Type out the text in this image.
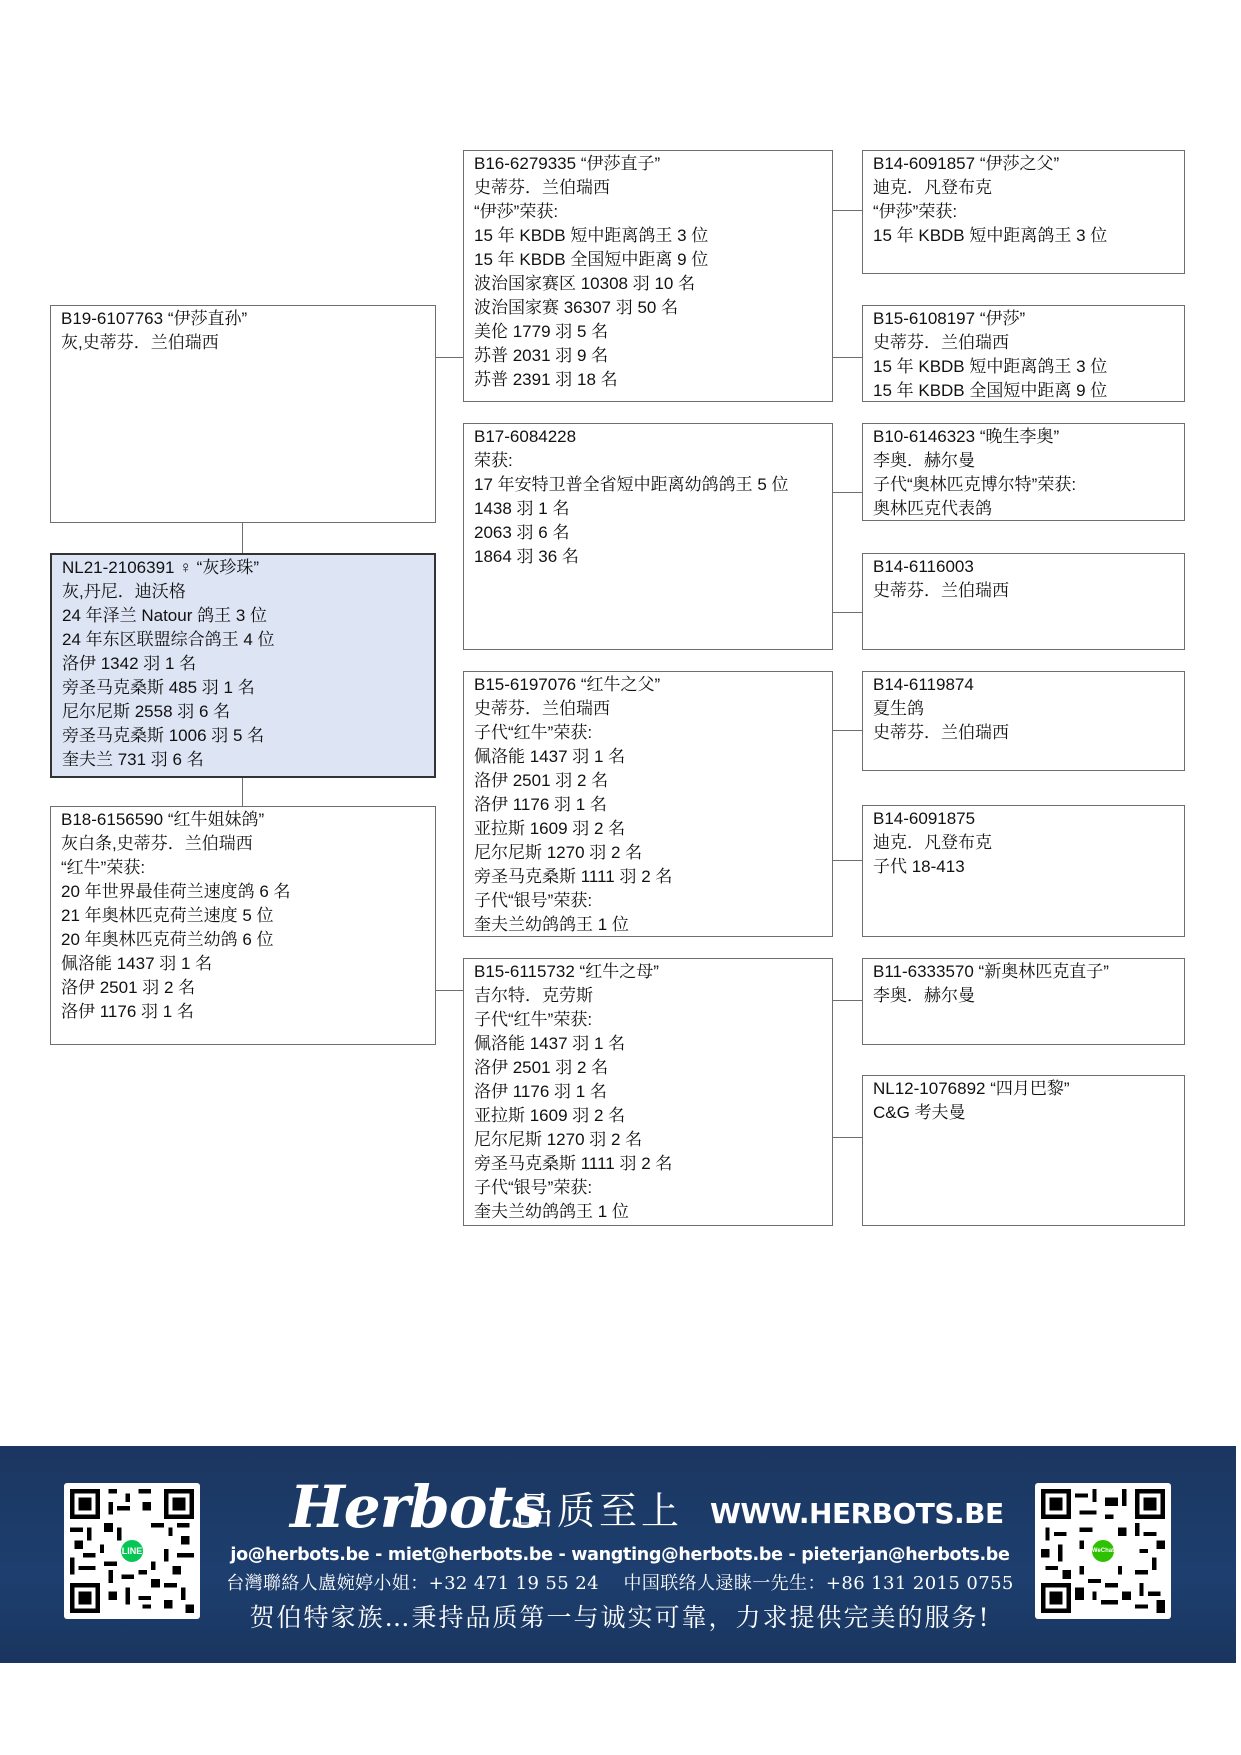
B19-6107763 “伊莎直孙”
灰,史蒂芬．兰伯瑞西
NL21-2106391 ♀ “灰珍珠”
灰,丹尼．迪沃格
24 年泽兰 Natour 鸽王 3 位
24 年东区联盟综合鸽王 4 位
洛伊 1342 羽 1 名
旁圣马克桑斯 485 羽 1 名
尼尔尼斯 2558 羽 6 名
旁圣马克桑斯 1006 羽 5 名
奎夫兰 731 羽 6 名
B18-6156590 “红牛姐妹鸽”
灰白条,史蒂芬．兰伯瑞西
“红牛”荣获:
20 年世界最佳荷兰速度鸽 6 名
21 年奥林匹克荷兰速度 5 位
20 年奥林匹克荷兰幼鸽 6 位
佩洛能 1437 羽 1 名
洛伊 2501 羽 2 名
洛伊 1176 羽 1 名
B16-6279335 “伊莎直子”
史蒂芬．兰伯瑞西
“伊莎”荣获:
15 年 KBDB 短中距离鸽王 3 位
15 年 KBDB 全国短中距离 9 位
波治国家赛区 10308 羽 10 名
波治国家赛 36307 羽 50 名
美伦 1779 羽 5 名
苏普 2031 羽 9 名
苏普 2391 羽 18 名
B17-6084228
荣获:
17 年安特卫普全省短中距离幼鸽鸽王 5 位
1438 羽 1 名
2063 羽 6 名
1864 羽 36 名
B15-6197076 “红牛之父”
史蒂芬．兰伯瑞西
子代“红牛”荣获:
佩洛能 1437 羽 1 名
洛伊 2501 羽 2 名
洛伊 1176 羽 1 名
亚拉斯 1609 羽 2 名
尼尔尼斯 1270 羽 2 名
旁圣马克桑斯 1111 羽 2 名
子代“银号”荣获:
奎夫兰幼鸽鸽王 1 位
B15-6115732 “红牛之母”
吉尔特．克劳斯
子代“红牛”荣获:
佩洛能 1437 羽 1 名
洛伊 2501 羽 2 名
洛伊 1176 羽 1 名
亚拉斯 1609 羽 2 名
尼尔尼斯 1270 羽 2 名
旁圣马克桑斯 1111 羽 2 名
子代“银号”荣获:
奎夫兰幼鸽鸽王 1 位
B14-6091857 “伊莎之父”
迪克．凡登布克
“伊莎”荣获:
15 年 KBDB 短中距离鸽王 3 位
B15-6108197 “伊莎”
史蒂芬．兰伯瑞西
15 年 KBDB 短中距离鸽王 3 位
15 年 KBDB 全国短中距离 9 位
B10-6146323 “晚生李奥”
李奥．赫尔曼
子代“奥林匹克博尔特”荣获:
奥林匹克代表鸽
B14-6116003
史蒂芬．兰伯瑞西
B14-6119874
夏生鸽
史蒂芬．兰伯瑞西
B14-6091875
迪克．凡登布克
子代 18-413
B11-6333570 “新奥林匹克直子”
李奥．赫尔曼
NL12-1076892 “四月巴黎”
C&G 考夫曼
LINE
Herbots
品质至上 WWW.HERBOTS.BE
jo@herbots.be - miet@herbots.be - wangting@herbots.be - pieterjan@herbots.be
台灣聯絡人盧婉婷小姐：+32 471 19 55 24　 中国联络人逯睐一先生：+86 131 2015 0755
贺伯特家族…秉持品质第一与诚实可靠，力求提供完美的服务!
WeChat
